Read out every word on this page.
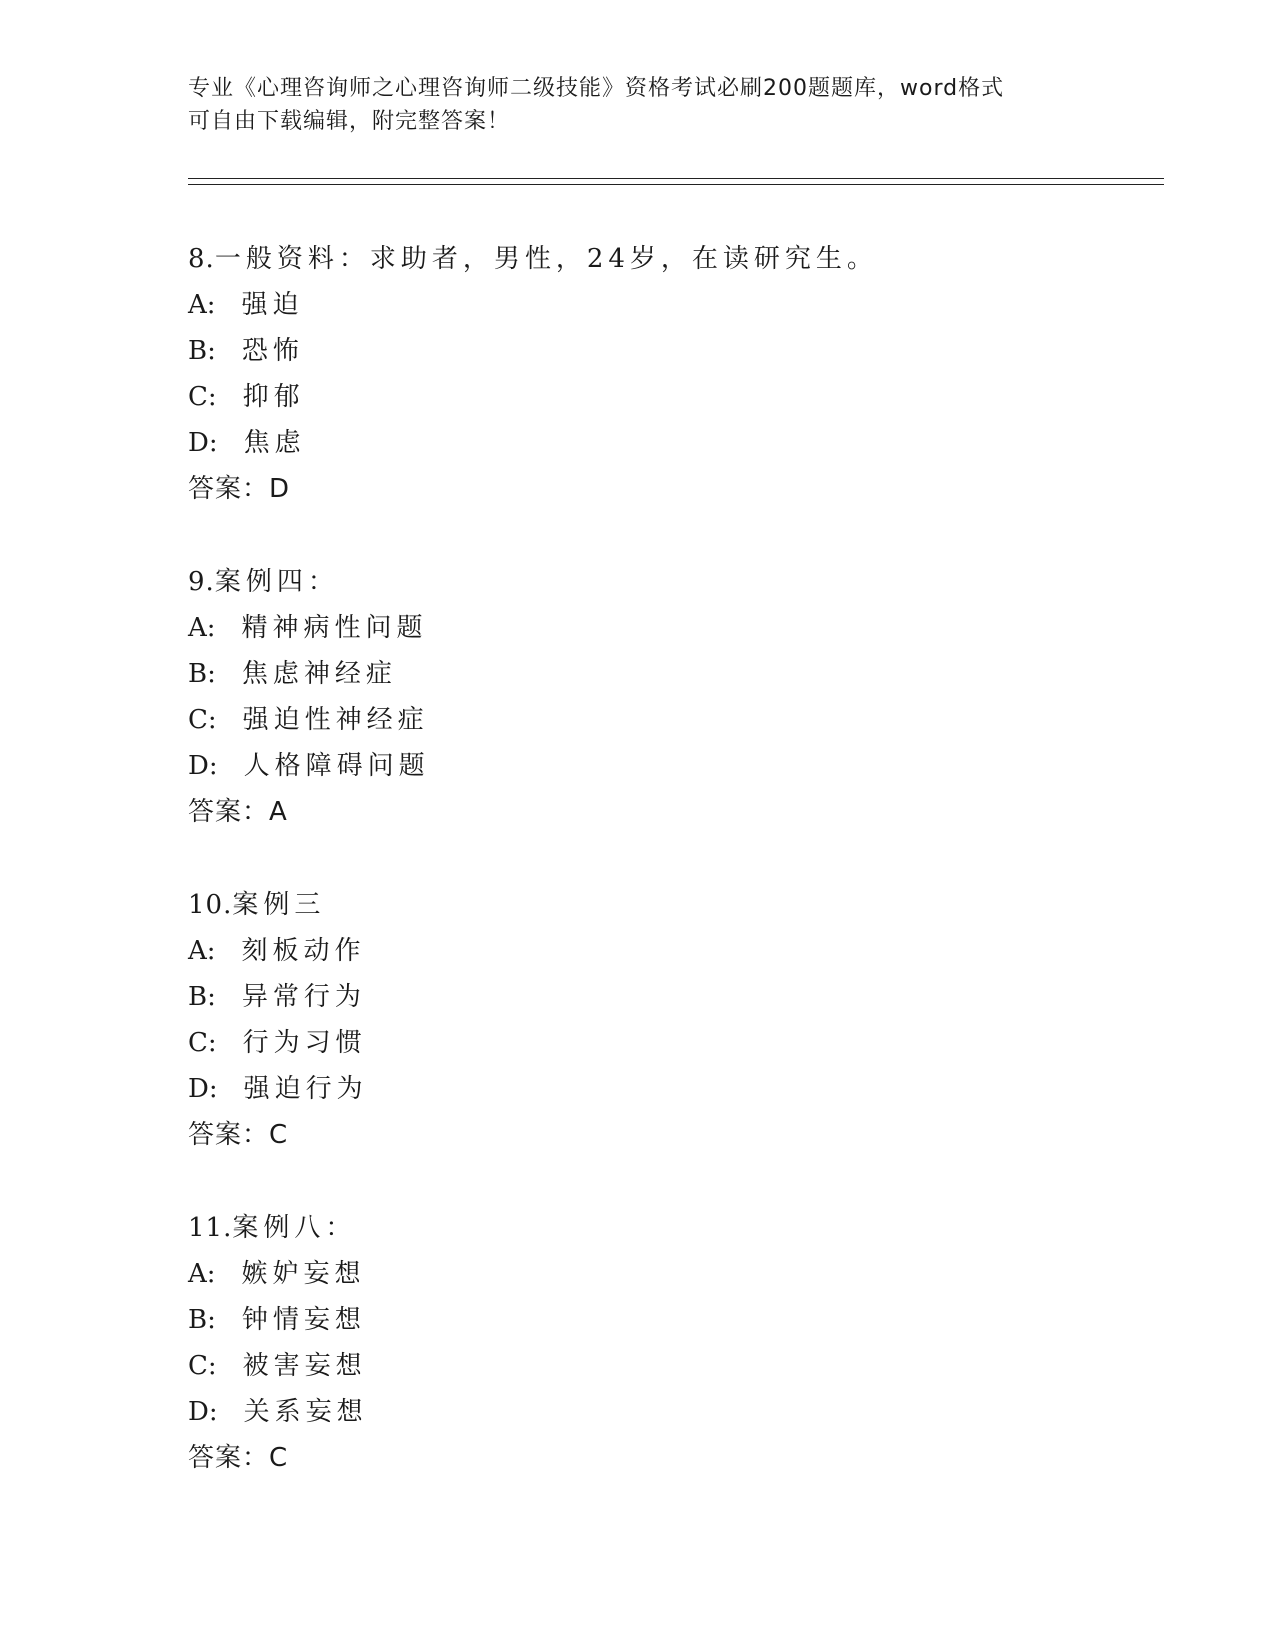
专业《心理咨询师之心理咨询师二级技能》资格考试必刷200题题库，word格式
可自由下载编辑，附完整答案！
8.一般资料：求助者，男性，24岁，在读研究生。
A: 强迫
B: 恐怖
C: 抑郁
D: 焦虑
答案：D
9.案例四：
A: 精神病性问题
B: 焦虑神经症
C: 强迫性神经症
D: 人格障碍问题
答案：A
10.案例三
A: 刻板动作
B: 异常行为
C: 行为习惯
D: 强迫行为
答案：C
11.案例八：
A: 嫉妒妄想
B: 钟情妄想
C: 被害妄想
D: 关系妄想
答案：C
